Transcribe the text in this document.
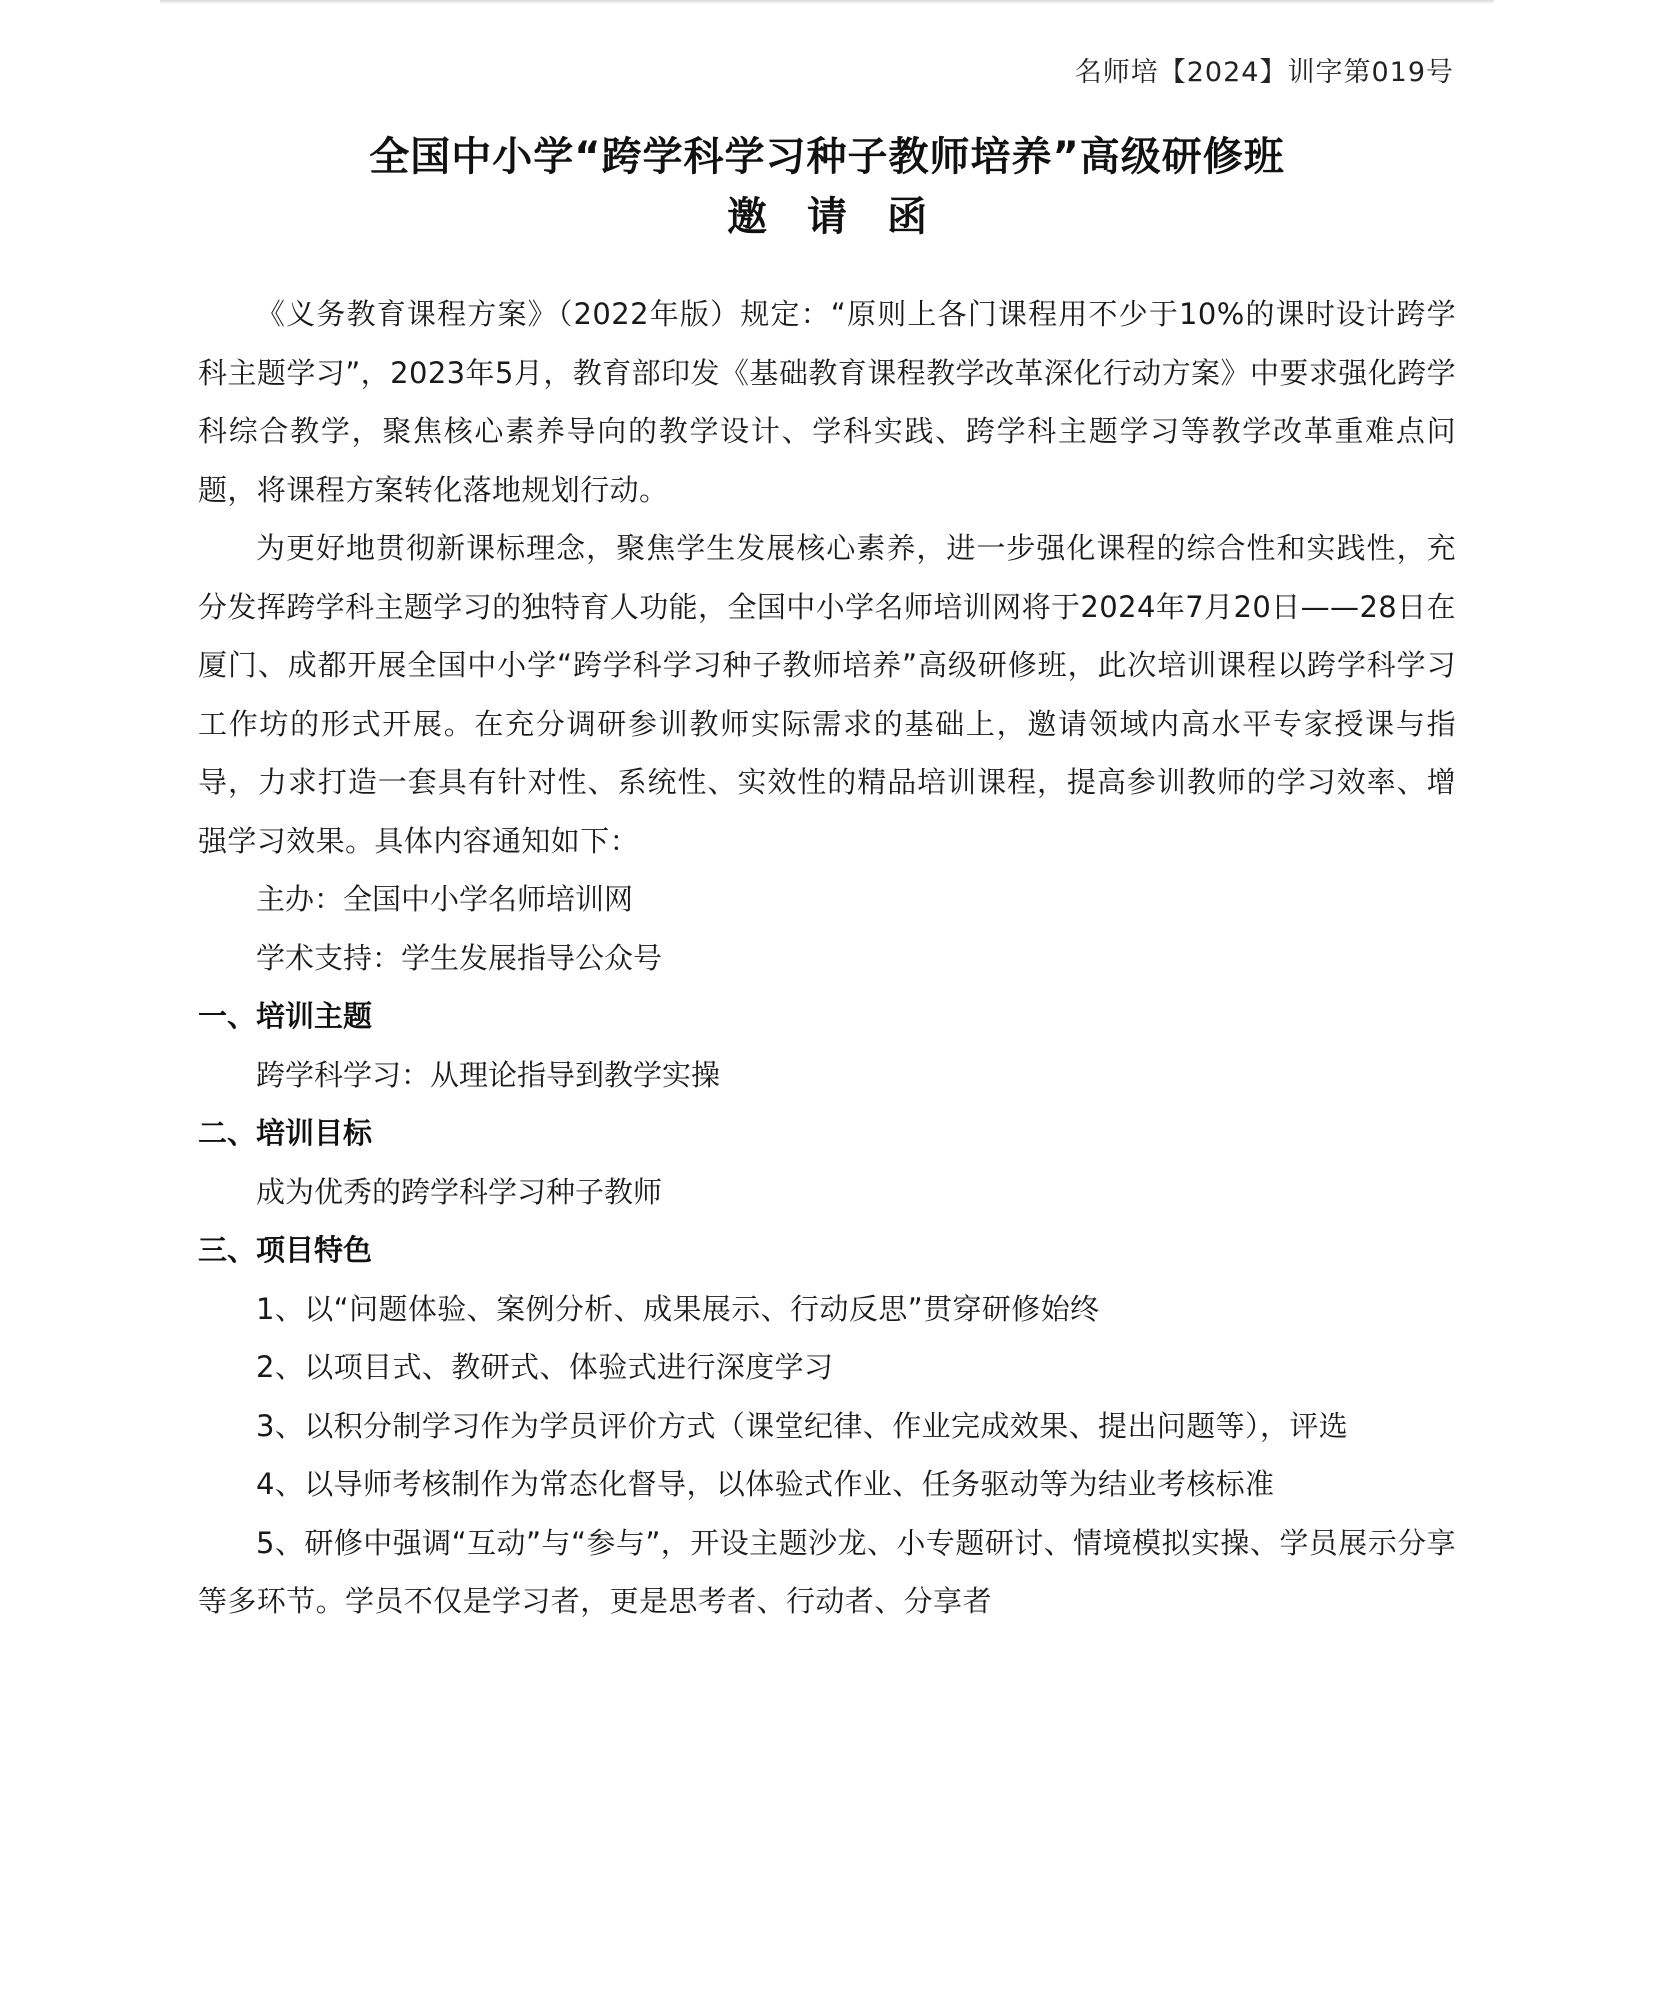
名师培【2024】训字第019号
全国中小学“跨学科学习种子教师培养”高级研修班
邀请函

《义务教育课程方案》（2022年版）规定：“原则上各门课程用不少于10%的课时设计跨学科主题学习”，2023年5月，教育部印发《基础教育课程教学改革深化行动方案》中要求强化跨学科综合教学，聚焦核心素养导向的教学设计、学科实践、跨学科主题学习等教学改革重难点问题，将课程方案转化落地规划行动。

为更好地贯彻新课标理念，聚焦学生发展核心素养，进一步强化课程的综合性和实践性，充分发挥跨学科主题学习的独特育人功能，全国中小学名师培训网将于2024年7月20日——28日在厦门、成都开展全国中小学“跨学科学习种子教师培养”高级研修班，此次培训课程以跨学科学习工作坊的形式开展。在充分调研参训教师实际需求的基础上，邀请领域内高水平专家授课与指导，力求打造一套具有针对性、系统性、实效性的精品培训课程，提高参训教师的学习效率、增强学习效果。具体内容通知如下：

主办：全国中小学名师培训网

学术支持：学生发展指导公众号

一、培训主题

跨学科学习：从理论指导到教学实操

二、培训目标

成为优秀的跨学科学习种子教师

三、项目特色

1、以“问题体验、案例分析、成果展示、行动反思”贯穿研修始终

2、以项目式、教研式、体验式进行深度学习

3、以积分制学习作为学员评价方式（课堂纪律、作业完成效果、提出问题等），评选

4、以导师考核制作为常态化督导，以体验式作业、任务驱动等为结业考核标准

5、研修中强调“互动”与“参与”，开设主题沙龙、小专题研讨、情境模拟实操、学员展示分享等多环节。学员不仅是学习者，更是思考者、行动者、分享者
